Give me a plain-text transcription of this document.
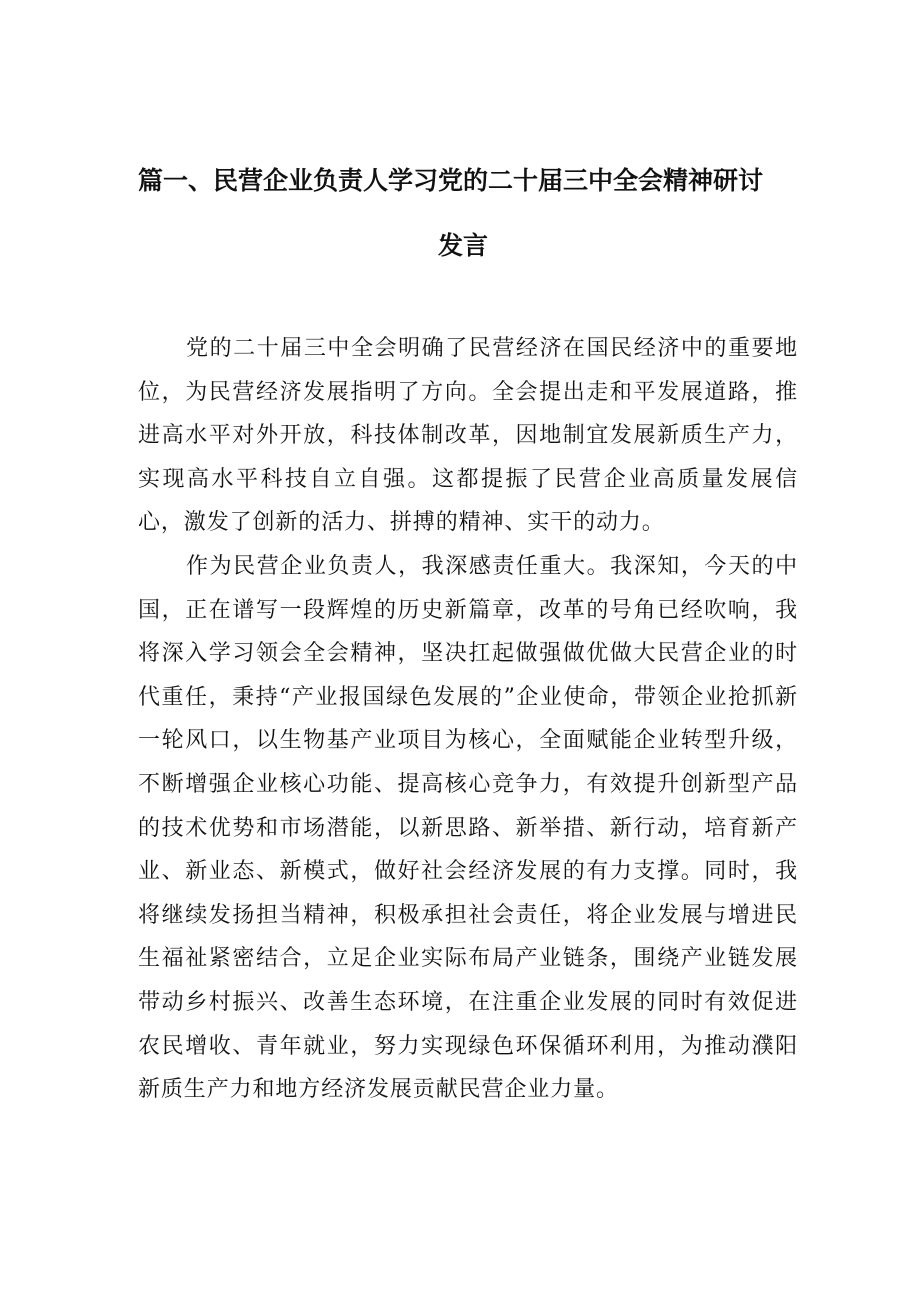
篇一、民营企业负责人学习党的二十届三中全会精神研讨
发言

党的二十届三中全会明确了民营经济在国民经济中的重要地位，为民营经济发展指明了方向。全会提出走和平发展道路，推进高水平对外开放，科技体制改革，因地制宜发展新质生产力，实现高水平科技自立自强。这都提振了民营企业高质量发展信心，激发了创新的活力、拼搏的精神、实干的动力。

作为民营企业负责人，我深感责任重大。我深知，今天的中国，正在谱写一段辉煌的历史新篇章，改革的号角已经吹响，我将深入学习领会全会精神，坚决扛起做强做优做大民营企业的时代重任，秉持“产业报国绿色发展的”企业使命，带领企业抢抓新一轮风口，以生物基产业项目为核心，全面赋能企业转型升级，不断增强企业核心功能、提高核心竞争力，有效提升创新型产品的技术优势和市场潜能，以新思路、新举措、新行动，培育新产业、新业态、新模式，做好社会经济发展的有力支撑。同时，我将继续发扬担当精神，积极承担社会责任，将企业发展与增进民生福祉紧密结合，立足企业实际布局产业链条，围绕产业链发展带动乡村振兴、改善生态环境，在注重企业发展的同时有效促进农民增收、青年就业，努力实现绿色环保循环利用，为推动濮阳新质生产力和地方经济发展贡献民营企业力量。
